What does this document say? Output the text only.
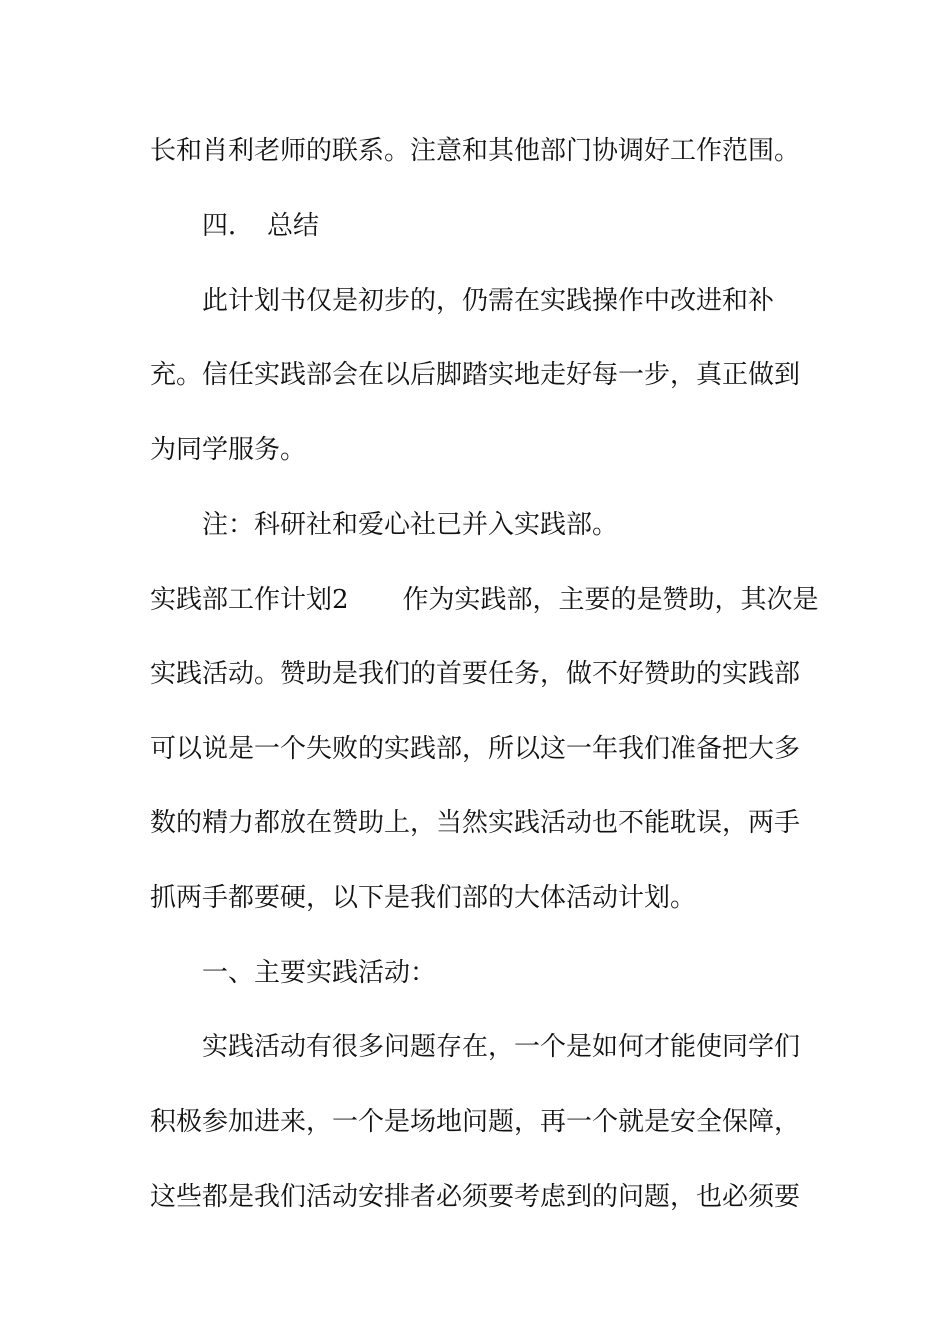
长和肖利老师的联系。注意和其他部门协调好工作范围。
四．　总结
此计划书仅是初步的，仍需在实践操作中改进和补
充。信任实践部会在以后脚踏实地走好每一步，真正做到
为同学服务。
注：科研社和爱心社已并入实践部。
实践部工作计划2 作为实践部，主要的是赞助，其次是
实践活动。赞助是我们的首要任务，做不好赞助的实践部
可以说是一个失败的实践部，所以这一年我们准备把大多
数的精力都放在赞助上，当然实践活动也不能耽误，两手
抓两手都要硬，以下是我们部的大体活动计划。
一、主要实践活动：
实践活动有很多问题存在，一个是如何才能使同学们
积极参加进来，一个是场地问题，再一个就是安全保障，
这些都是我们活动安排者必须要考虑到的问题，也必须要
